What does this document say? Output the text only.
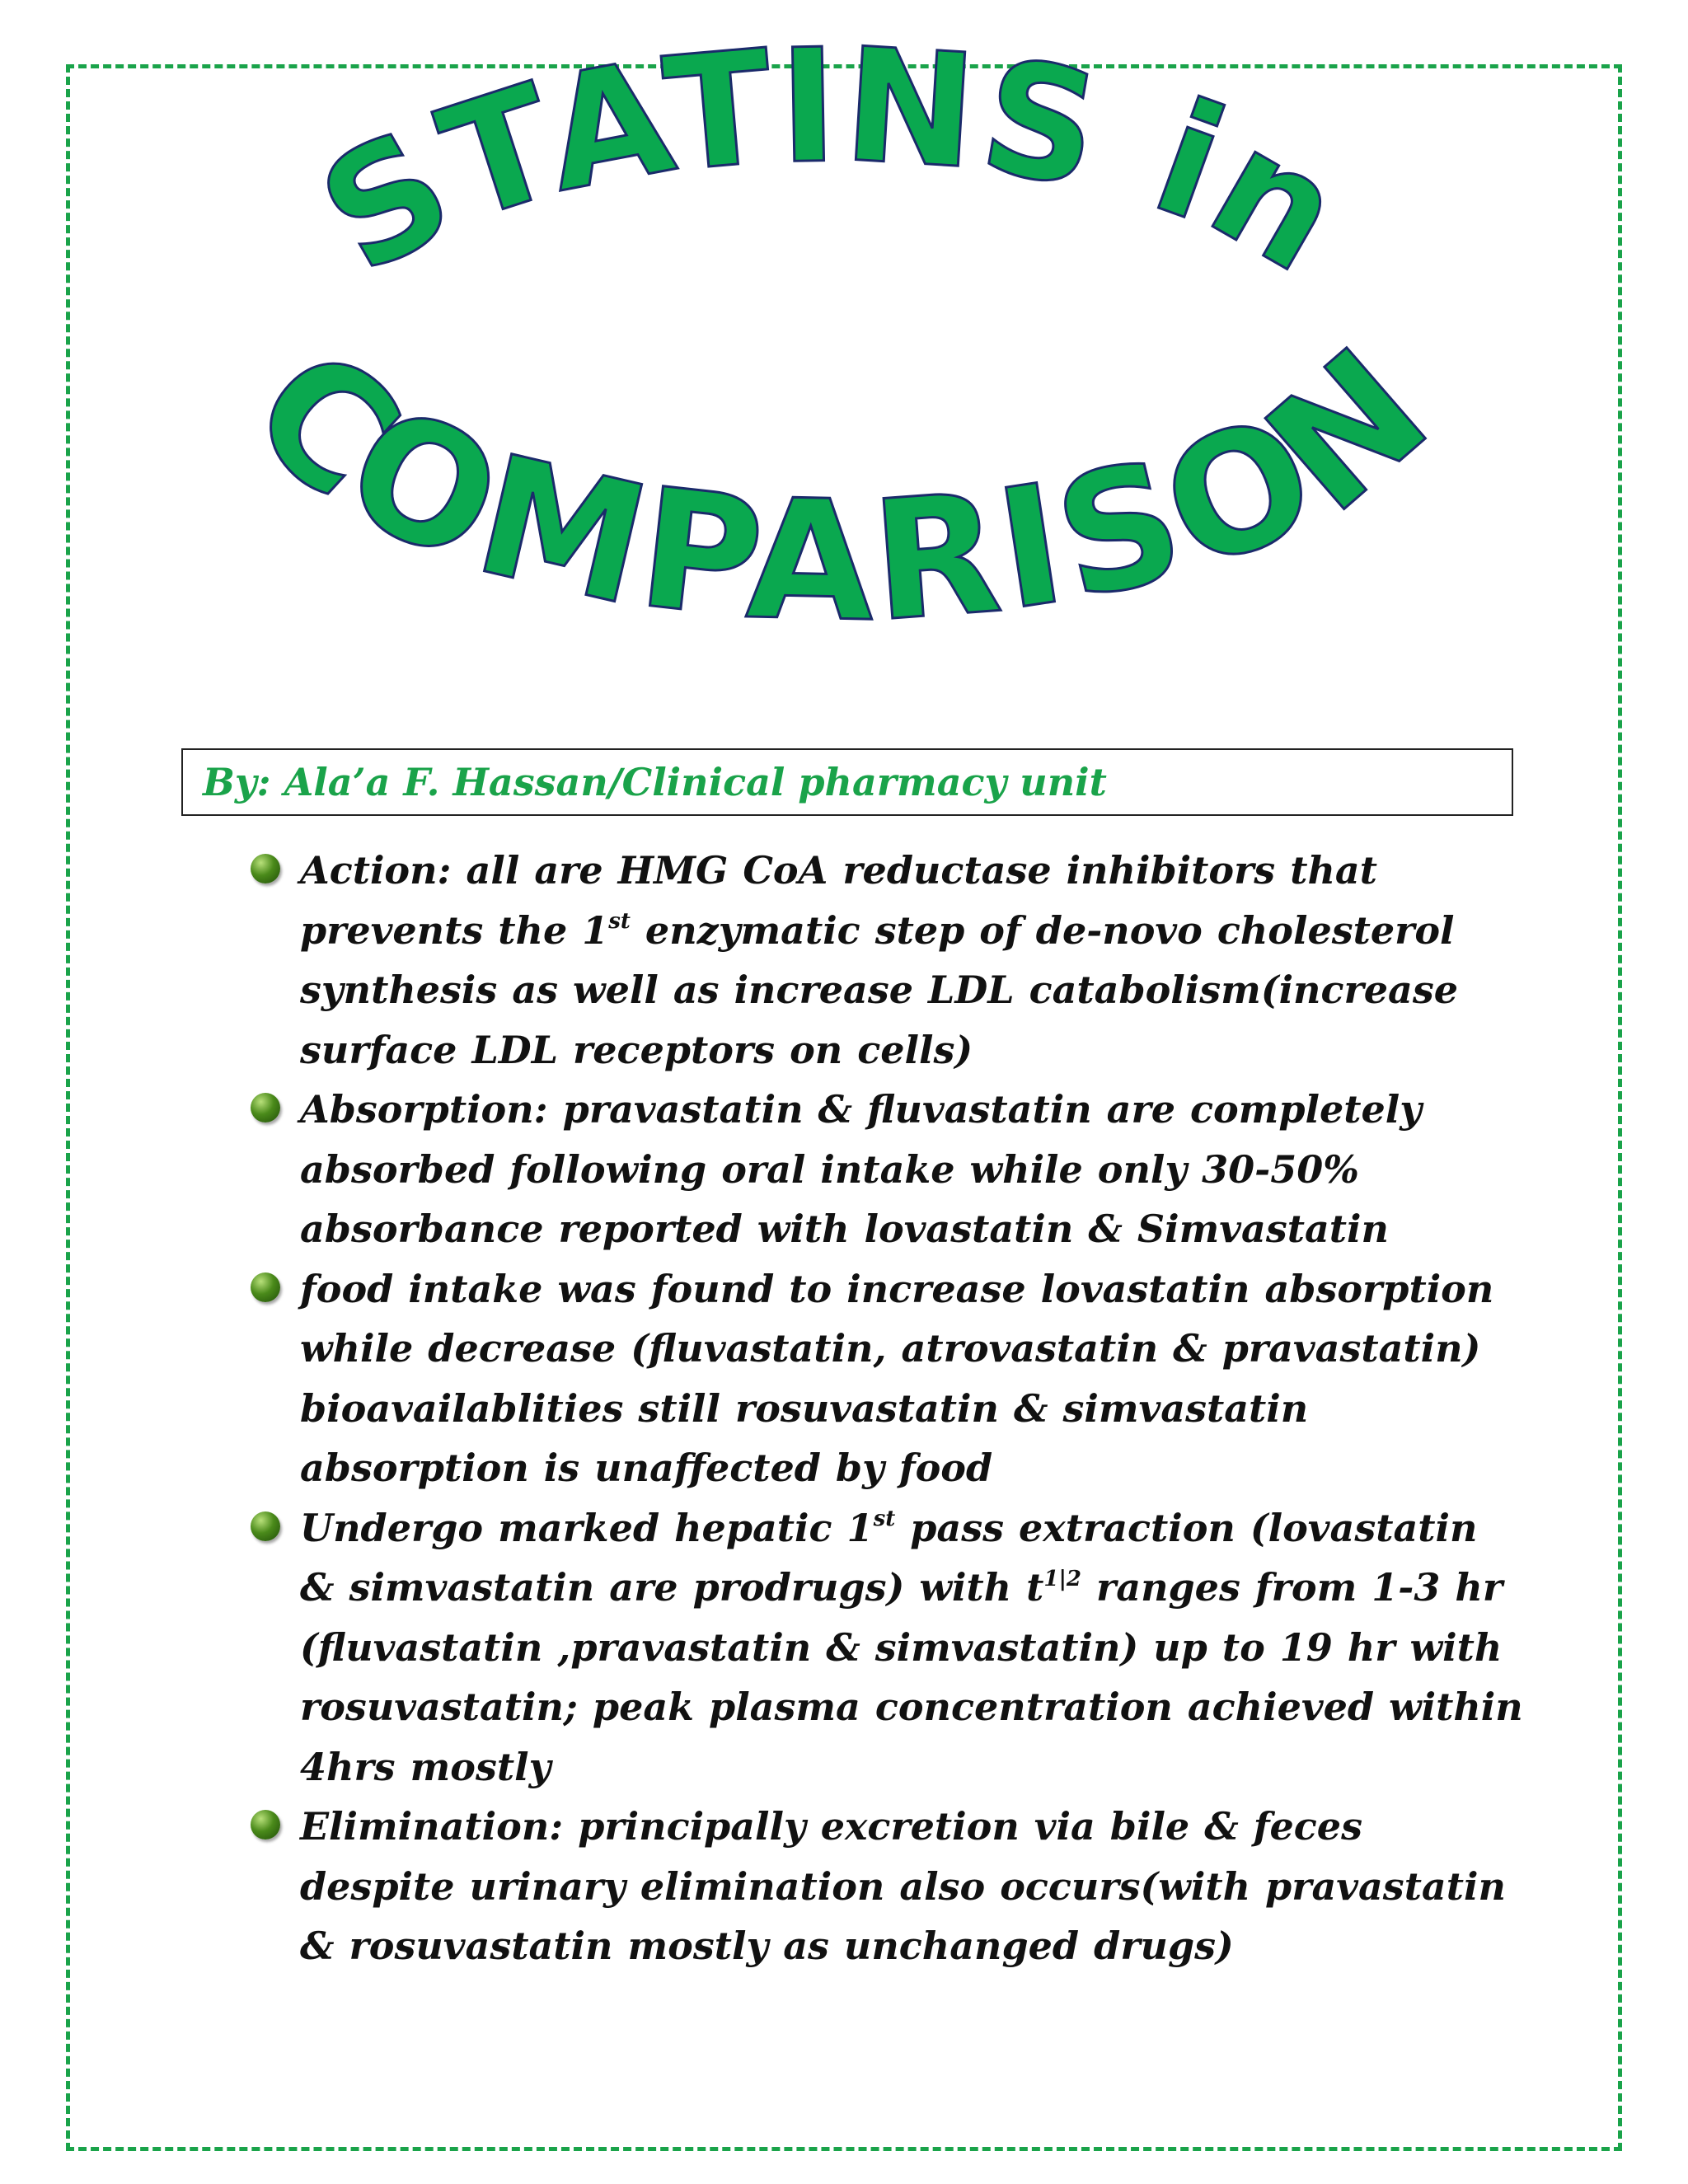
STATINS in
COMPARISON
By: Ala’a F. Hassan/Clinical pharmacy unit
Action: all are HMG CoA reductase inhibitors that prevents the 1st enzymatic step of de-novo cholesterol synthesis as well as increase LDL catabolism(increase surface LDL receptors on cells)
Absorption: pravastatin & fluvastatin are completely absorbed following oral intake while only 30-50% absorbance reported with lovastatin & Simvastatin
food intake was found to increase lovastatin absorption while decrease (fluvastatin, atrovastatin & pravastatin) bioavailablities still rosuvastatin & simvastatin absorption is unaffected by food
Undergo marked hepatic 1st pass extraction (lovastatin & simvastatin are prodrugs) with $t^{1|2}$ ranges from 1-3 hr (fluvastatin ,pravastatin & simvastatin) up to 19 hr with rosuvastatin; peak plasma concentration achieved within 4hrs mostly
Elimination: principally excretion via bile & feces despite urinary elimination also occurs(with pravastatin & rosuvastatin mostly as unchanged drugs)
